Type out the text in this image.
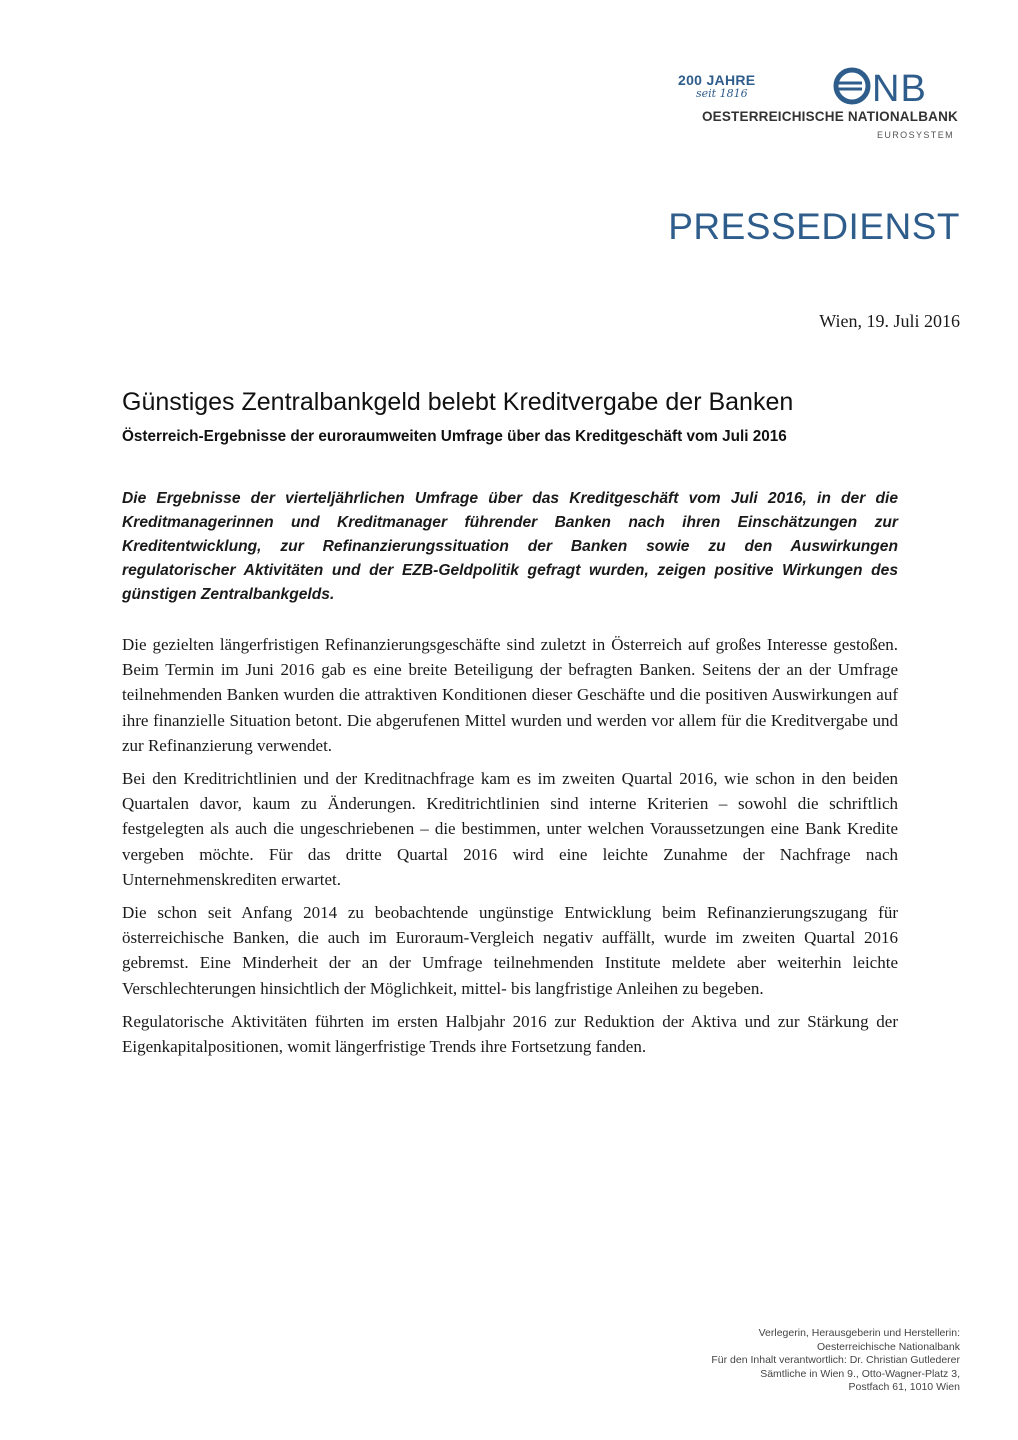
200 JAHRE
seit 1816	NB
OESTERREICHISCHE NATIONALBANK
EUROSYSTEM
PRESSEDIENST
Wien, 19. Juli 2016
Günstiges Zentralbankgeld belebt Kreditvergabe der Banken
Österreich-Ergebnisse der euroraumweiten Umfrage über das Kreditgeschäft vom Juli 2016

Die Ergebnisse der vierteljährlichen Umfrage über das Kreditgeschäft vom Juli 2016, in der die Kreditmanagerinnen und Kreditmanager führender Banken nach ihren Einschätzungen zur Kreditentwicklung, zur Refinanzierungssituation der Banken sowie zu den Auswirkungen regulatorischer Aktivitäten und der EZB-Geldpolitik gefragt wurden, zeigen positive Wirkungen des günstigen Zentralbankgelds.

Die gezielten längerfristigen Refinanzierungsgeschäfte sind zuletzt in Österreich auf großes Interesse gestoßen. Beim Termin im Juni 2016 gab es eine breite Beteiligung der befragten Banken. Seitens der an der Umfrage teilnehmenden Banken wurden die attraktiven Konditionen dieser Geschäfte und die positiven Auswirkungen auf ihre finanzielle Situation betont. Die abgerufenen Mittel wurden und werden vor allem für die Kreditvergabe und zur Refinanzierung verwendet.

Bei den Kreditrichtlinien und der Kreditnachfrage kam es im zweiten Quartal 2016, wie schon in den beiden Quartalen davor, kaum zu Änderungen. Kreditrichtlinien sind interne Kriterien – sowohl die schriftlich festgelegten als auch die ungeschriebenen – die bestimmen, unter welchen Voraussetzungen eine Bank Kredite vergeben möchte. Für das dritte Quartal 2016 wird eine leichte Zunahme der Nachfrage nach Unternehmenskrediten erwartet.

Die schon seit Anfang 2014 zu beobachtende ungünstige Entwicklung beim Refinanzierungszugang für österreichische Banken, die auch im Euroraum-Vergleich negativ auffällt, wurde im zweiten Quartal 2016 gebremst. Eine Minderheit der an der Umfrage teilnehmenden Institute meldete aber weiterhin leichte Verschlechterungen hinsichtlich der Möglichkeit, mittel- bis langfristige Anleihen zu begeben.

Regulatorische Aktivitäten führten im ersten Halbjahr 2016 zur Reduktion der Aktiva und zur Stärkung der Eigenkapitalpositionen, womit längerfristige Trends ihre Fortsetzung fanden.

Verlegerin, Herausgeberin und Herstellerin:
Oesterreichische Nationalbank
Für den Inhalt verantwortlich: Dr. Christian Gutlederer
Sämtliche in Wien 9., Otto-Wagner-Platz 3,
Postfach 61, 1010 Wien
